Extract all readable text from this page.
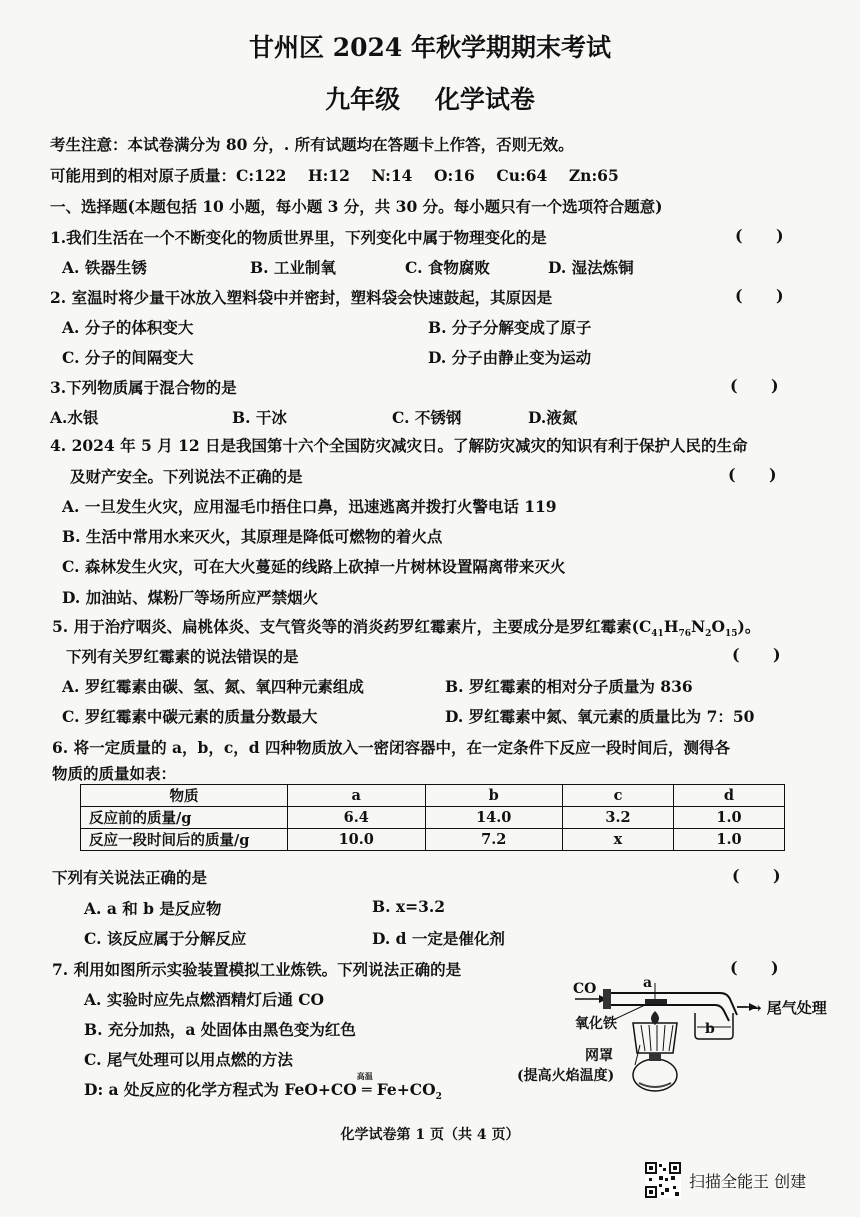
甘州区 2024 年秋学期期末考试
九年级    化学试卷
考生注意：本试卷满分为 80 分，. 所有试题均在答题卡上作答，否则无效。
可能用到的相对原子质量：C:122    H:12    N:14    O:16    Cu:64    Zn:65
一、选择题(本题包括 10 小题，每小题 3 分，共 30 分。每小题只有一个选项符合题意)
1.我们生活在一个不断变化的物质世界里，下列变化中属于物理变化的是	(      )
A. 铁器生锈	B. 工业制氧	C. 食物腐败	D. 湿法炼铜
2. 室温时将少量干冰放入塑料袋中并密封，塑料袋会快速鼓起，其原因是	(      )
A. 分子的体积变大	B. 分子分解变成了原子
C. 分子的间隔变大	D. 分子由静止变为运动
3.下列物质属于混合物的是	(      )
A.水银	B. 干冰	C. 不锈钢	D.液氮
4. 2024 年 5 月 12 日是我国第十六个全国防灾减灾日。了解防灾减灾的知识有利于保护人民的生命
及财产安全。下列说法不正确的是	(      )
A. 一旦发生火灾，应用湿毛巾捂住口鼻，迅速逃离并拨打火警电话 119
B. 生活中常用水来灭火，其原理是降低可燃物的着火点
C. 森林发生火灾，可在大火蔓延的线路上砍掉一片树林设置隔离带来灭火
D. 加油站、煤粉厂等场所应严禁烟火
5. 用于治疗咽炎、扁桃体炎、支气管炎等的消炎药罗红霉素片，主要成分是罗红霉素$(C_{41}H_{76}N_2O_{15})$。
下列有关罗红霉素的说法错误的是	(      )
A. 罗红霉素由碳、氢、氮、氧四种元素组成	B. 罗红霉素的相对分子质量为 836
C. 罗红霉素中碳元素的质量分数最大	D. 罗红霉素中氮、氧元素的质量比为 7：50
6. 将一定质量的 a，b，c，d 四种物质放入一密闭容器中，在一定条件下反应一段时间后，测得各
物质的质量如表：
物质	a	b	c	d
反应前的质量/g	6.4	14.0	3.2	1.0
反应一段时间后的质量/g	10.0	7.2	x	1.0
下列有关说法正确的是	(      )
A. a 和 b 是反应物	B. x=3.2
C. 该反应属于分解反应	D. d 一定是催化剂
7. 利用如图所示实验装置模拟工业炼铁。下列说法正确的是	(      )
A. 实验时应先点燃酒精灯后通 CO
B. 充分加热，a 处固体由黑色变为红色
C. 尾气处理可以用点燃的方法
D: a 处反应的化学方程式为 FeO+CO
高温
═ $Fe+CO_2$
CO	a
b
→ 尾气处理
氧化铁
网罩
(提高火焰温度)
化学试卷第 1 页（共 4 页）
扫描全能王 创建
